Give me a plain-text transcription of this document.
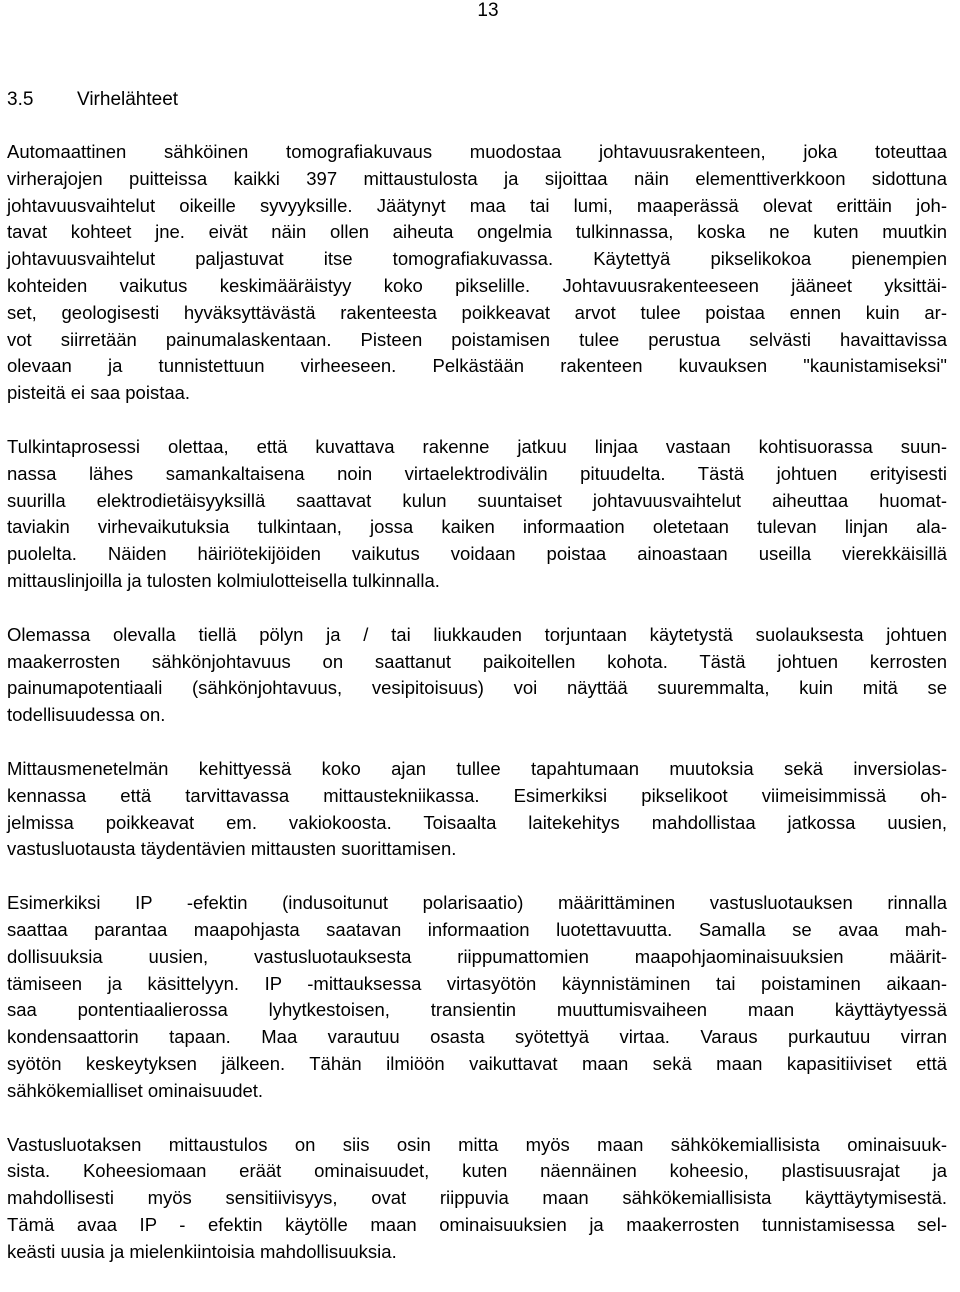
13
3.5 Virhelähteet
Automaattinen sähköinen tomografiakuvaus muodostaa johtavuusrakenteen, joka toteuttaa
virherajojen puitteissa kaikki 397 mittaustulosta ja sijoittaa näin elementtiverkkoon sidottuna
johtavuusvaihtelut oikeille syvyyksille. Jäätynyt maa tai lumi, maaperässä olevat erittäin joh-
tavat kohteet jne. eivät näin ollen aiheuta ongelmia tulkinnassa, koska ne kuten muutkin
johtavuusvaihtelut paljastuvat itse tomografiakuvassa. Käytettyä pikselikokoa pienempien
kohteiden vaikutus keskimääräistyy koko pikselille. Johtavuusrakenteeseen jääneet yksittäi-
set, geologisesti hyväksyttävästä rakenteesta poikkeavat arvot tulee poistaa ennen kuin ar-
vot siirretään painumalaskentaan. Pisteen poistamisen tulee perustua selvästi havaittavissa
olevaan ja tunnistettuun virheeseen. Pelkästään rakenteen kuvauksen "kaunistamiseksi"
pisteitä ei saa poistaa.
Tulkintaprosessi olettaa, että kuvattava rakenne jatkuu linjaa vastaan kohtisuorassa suun-
nassa lähes samankaltaisena noin virtaelektrodivälin pituudelta. Tästä johtuen erityisesti
suurilla elektrodietäisyyksillä saattavat kulun suuntaiset johtavuusvaihtelut aiheuttaa huomat-
taviakin virhevaikutuksia tulkintaan, jossa kaiken informaation oletetaan tulevan linjan ala-
puolelta. Näiden häiriötekijöiden vaikutus voidaan poistaa ainoastaan useilla vierekkäisillä
mittauslinjoilla ja tulosten kolmiulotteisella tulkinnalla.
Olemassa olevalla tiellä pölyn ja / tai liukkauden torjuntaan käytetystä suolauksesta johtuen
maakerrosten sähkönjohtavuus on saattanut paikoitellen kohota. Tästä johtuen kerrosten
painumapotentiaali (sähkönjohtavuus, vesipitoisuus) voi näyttää suuremmalta, kuin mitä se
todellisuudessa on.
Mittausmenetelmän kehittyessä koko ajan tullee tapahtumaan muutoksia sekä inversiolas-
kennassa että tarvittavassa mittaustekniikassa. Esimerkiksi pikselikoot viimeisimmissä oh-
jelmissa poikkeavat em. vakiokoosta. Toisaalta laitekehitys mahdollistaa jatkossa uusien,
vastusluotausta täydentävien mittausten suorittamisen.
Esimerkiksi IP -efektin (indusoitunut polarisaatio) määrittäminen vastusluotauksen rinnalla
saattaa parantaa maapohjasta saatavan informaation luotettavuutta. Samalla se avaa mah-
dollisuuksia uusien, vastusluotauksesta riippumattomien maapohjaominaisuuksien määrit-
tämiseen ja käsittelyyn. IP -mittauksessa virtasyötön käynnistäminen tai poistaminen aikaan-
saa pontentiaalierossa lyhytkestoisen, transientin muuttumisvaiheen maan käyttäytyessä
kondensaattorin tapaan. Maa varautuu osasta syötettyä virtaa. Varaus purkautuu virran
syötön keskeytyksen jälkeen. Tähän ilmiöön vaikuttavat maan sekä maan kapasitiiviset että
sähkökemialliset ominaisuudet.
Vastusluotaksen mittaustulos on siis osin mitta myös maan sähkökemiallisista ominaisuuk-
sista. Koheesiomaan eräät ominaisuudet, kuten näennäinen koheesio, plastisuusrajat ja
mahdollisesti myös sensitiivisyys, ovat riippuvia maan sähkökemiallisista käyttäytymisestä.
Tämä avaa IP - efektin käytölle maan ominaisuuksien ja maakerrosten tunnistamisessa sel-
keästi uusia ja mielenkiintoisia mahdollisuuksia.
